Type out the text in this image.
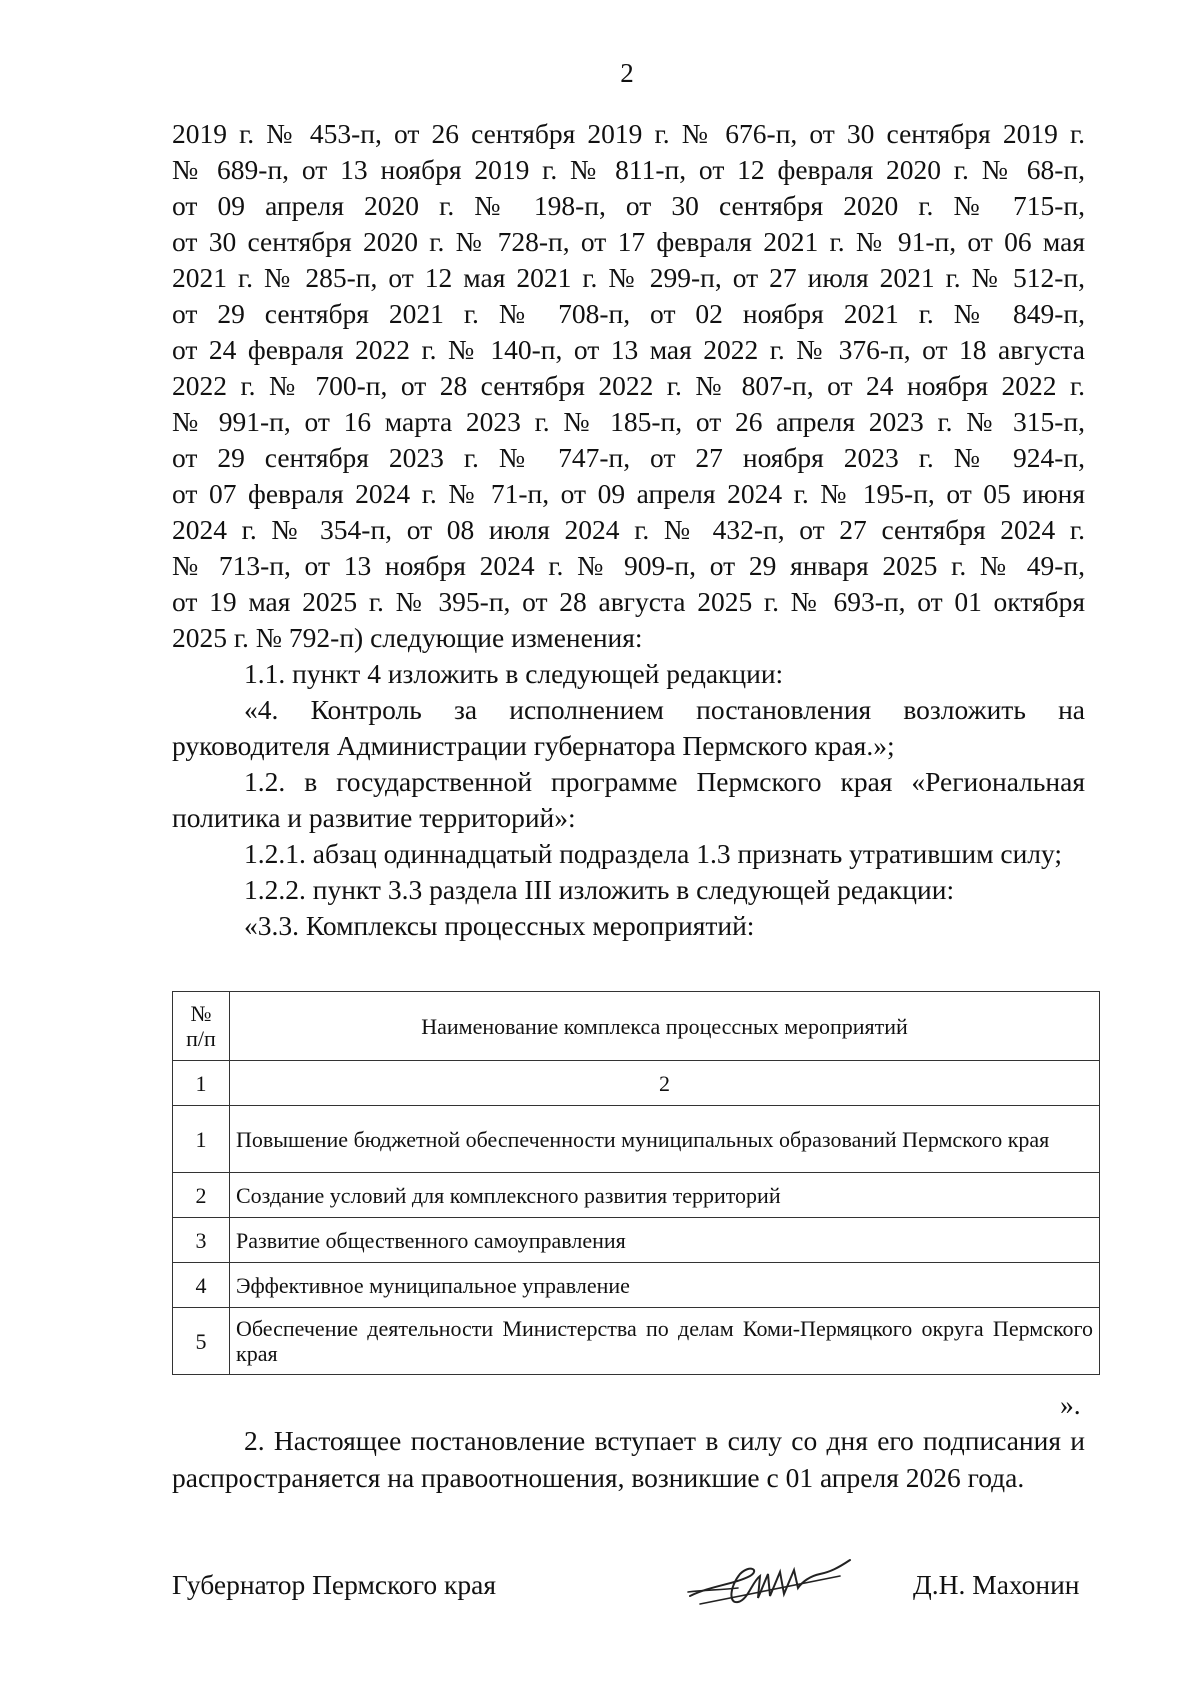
2

2019 г. № 453-п, от 26 сентября 2019 г. № 676-п, от 30 сентября 2019 г.
№ 689-п, от 13 ноября 2019 г. № 811-п, от 12 февраля 2020 г. № 68-п,
от 09 апреля 2020 г. № 198-п, от 30 сентября 2020 г. № 715-п,
от 30 сентября 2020 г. № 728-п, от 17 февраля 2021 г. № 91-п, от 06 мая
2021 г. № 285-п, от 12 мая 2021 г. № 299-п, от 27 июля 2021 г. № 512-п,
от 29 сентября 2021 г. № 708-п, от 02 ноября 2021 г. № 849-п,
от 24 февраля 2022 г. № 140-п, от 13 мая 2022 г. № 376-п, от 18 августа
2022 г. № 700-п, от 28 сентября 2022 г. № 807-п, от 24 ноября 2022 г.
№ 991-п, от 16 марта 2023 г. № 185-п, от 26 апреля 2023 г. № 315-п,
от 29 сентября 2023 г. № 747-п, от 27 ноября 2023 г. № 924-п,
от 07 февраля 2024 г. № 71-п, от 09 апреля 2024 г. № 195-п, от 05 июня
2024 г. № 354-п, от 08 июля 2024 г. № 432-п, от 27 сентября 2024 г.
№ 713-п, от 13 ноября 2024 г. № 909-п, от 29 января 2025 г. № 49-п,
от 19 мая 2025 г. № 395-п, от 28 августа 2025 г. № 693-п, от 01 октября
2025 г. № 792-п) следующие изменения:

1.1. пункт 4 изложить в следующей редакции:

«4. Контроль за исполнением постановления возложить на руководителя Администрации губернатора Пермского края.»;

1.2. в государственной программе Пермского края «Региональная политика и развитие территорий»:

1.2.1. абзац одиннадцатый подраздела 1.3 признать утратившим силу;

1.2.2. пункт 3.3 раздела III изложить в следующей редакции:

«3.3. Комплексы процессных мероприятий:

№ п/п	Наименование комплекса процессных мероприятий
1	2
1	Повышение бюджетной обеспеченности муниципальных образований Пермского края
2	Создание условий для комплексного развития территорий
3	Развитие общественного самоуправления
4	Эффективное муниципальное управление
5	Обеспечение деятельности Министерства по делам Коми-Пермяцкого округа Пермского края
».

2. Настоящее постановление вступает в силу со дня его подписания и распространяется на правоотношения, возникшие с 01 апреля 2026 года.

Губернатор Пермского края	Д.Н. Махонин
